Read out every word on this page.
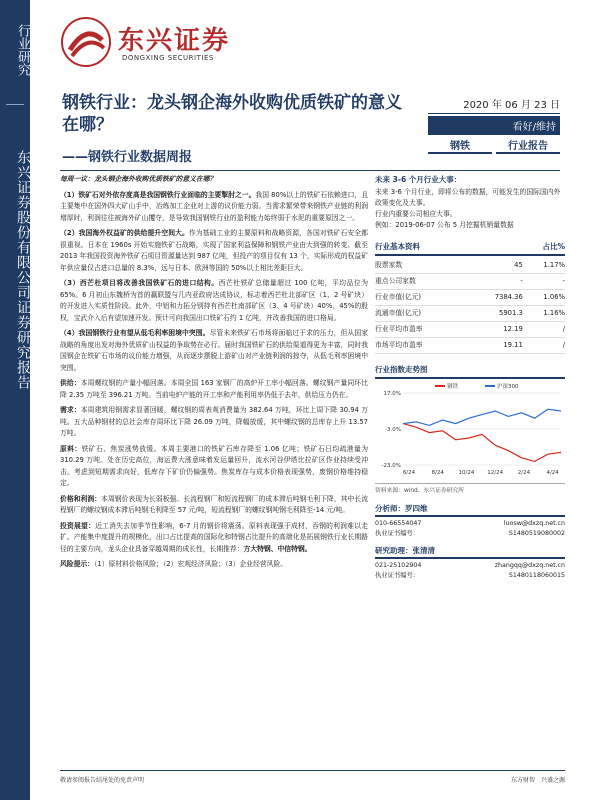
行业研究
东兴证券股份有限公司证券研究报告
东兴证券
DONGXING SECURITIES
钢铁行业：龙头钢企海外收购优质铁矿的意义在哪？
——钢铁行业数据周报
2020 年 06 月 23 日
看好/维持
钢铁	行业报告

每周一议：龙头钢企海外收购优质铁矿的意义在哪？

（1）铁矿石对外依存度高是我国钢铁行业面临的主要掣肘之一。我国 80%以上的铁矿石依赖进口，且主要集中在国外四大矿山手中，冶炼加工企业对上游的议价能力弱。当需求繁荣带来钢铁产业链的利润增厚时，利润往往被海外矿山攫夺，是导致我国钢铁行业的盈利能力始终弱于水泥的重要原因之一。

（2）我国海外权益矿的供给提升空间大。作为基础工业的主要原料和战略资源，各国对铁矿石安全都很重视。日本在 1960s 开始实施铁矿石战略，实现了国家利益保障和钢铁产业由大到强的转变。截至 2013 年我国投资海外铁矿石项目资源量达到 987 亿吨，但投产的项目仅有 13 个，实际形成的权益矿年供应量仅占进口总量的 8.3%，远与日本、欧洲等国的 50%以上相比差距巨大。

（3）西芒杜项目将改善我国铁矿石的进口结构。西芒杜铁矿总储量超过 100 亿吨，平均品位为 65%。6 月初山东魏桥为首的赢联盟与几内亚政府达成协议，标志着西芒杜北部矿区（1、2 号矿块）的开发进入实质性阶段。此外，中铝和力拓分别持有西芒杜南部矿区（3、4 号矿块）40%、45%的股权，宝武介入后有望加速开发。预计可向我国出口铁矿石约 1 亿吨，并改善我国的进口格局。

（4）我国钢铁行业有望从低毛利率困境中突围。尽管未来铁矿石市场将面临过于求的压力，但从国家战略的角度出发对海外优质矿山权益的争取势在必行。届时我国铁矿石的供给渠道得更为丰富，同时我国钢企在铁矿石市场的议价能力增强，从而逐步摆脱上游矿山对产业链利润的掠夺，从低毛利率困境中突围。

供给：本周螺纹钢的产量小幅回落。本周全国 163 家钢厂的高炉开工率小幅回落。螺纹钢产量同环比降 2.35 万吨至 396.21 万吨。当前电炉产能的开工率和产能利用率仍低于去年，供给压力仍在。

需求：本周建筑用钢需求显著回暖，螺纹钢的周表观消费量为 382.64 万吨，环比上周下降 30.94 万吨。五大品种钢材的总社会库存周环比下降 26.09 万吨，降幅放缓，其中螺纹钢的总库存上升 13.57 万吨。

原料：铁矿石、焦炭涨势放缓。本周主要港口的铁矿石库存降至 1.06 亿吨；铁矿石日均疏港量为 310.29 万吨。处在历史高位，海运费大涨意味着发运量回升，流水河谷伊塔比拉矿区作业持续受冲击。考虑到短期需求向好，低库存下矿价仍偏强势。焦炭库存与成本价格表现强势，废钢价格维持稳定。

价格和利润：本周钢价表现为长弱板强。长流程钢厂和短流程钢厂的成本滞后吨钢毛利下降，其中长流程钢厂的螺纹钢成本滞后吨钢毛利降至 57 元/吨，短流程钢厂的螺纹钢吨钢毛利降至-14 元/吨。

投资展望：近工消失去加季节性影响，6-7 月的钢价将震荡。原料表现强于成材，吞钢的利润难以走扩。产能集中度提升的规模化，出口占比提高的国际化和特钢占比提升的高端化是拓展钢铁行业长期路径的主要方向，龙头企业具备穿越周期的成长性，长期推荐：方大特钢、中信特钢。

风险提示：（1）原材料价格风险；（2）宏观经济风险；（3）企业经营风险。

未来 3-6 个月行业大事：
未来 3-6 个月行业，即将公布的数据，可能发生的国际国内外政策变化及大事。
行业内重要公司相应大事。
例如：2019-06-07 公布 5 月挖掘机销量数据
行业基本资料	占比%
股票家数	45	1.17%
重点公司家数	-	-
行业市值(亿元)	7384.36	1.06%
流通市值(亿元)	5901.3	1.16%
行业平均市盈率	12.19	/
市场平均市盈率	19.11	/
行业指数走势图
17.0%
-3.0%
-23.0%
6/24	8/24	10/24 12/24	2/24	4/24
钢铁	沪深300
资料来源：wind、东兴证券研究所
分析师：罗四维
010-66554047	luosw@dxzq.net.cn
执业证书编号：	S1480519080002
研究助理：张清清
021-25102904	zhangqq@dxzq.net.cn
执业证书编号：	S1480118060015
敬请参阅报告结尾处的免责声明	东方财智　兴盛之源
